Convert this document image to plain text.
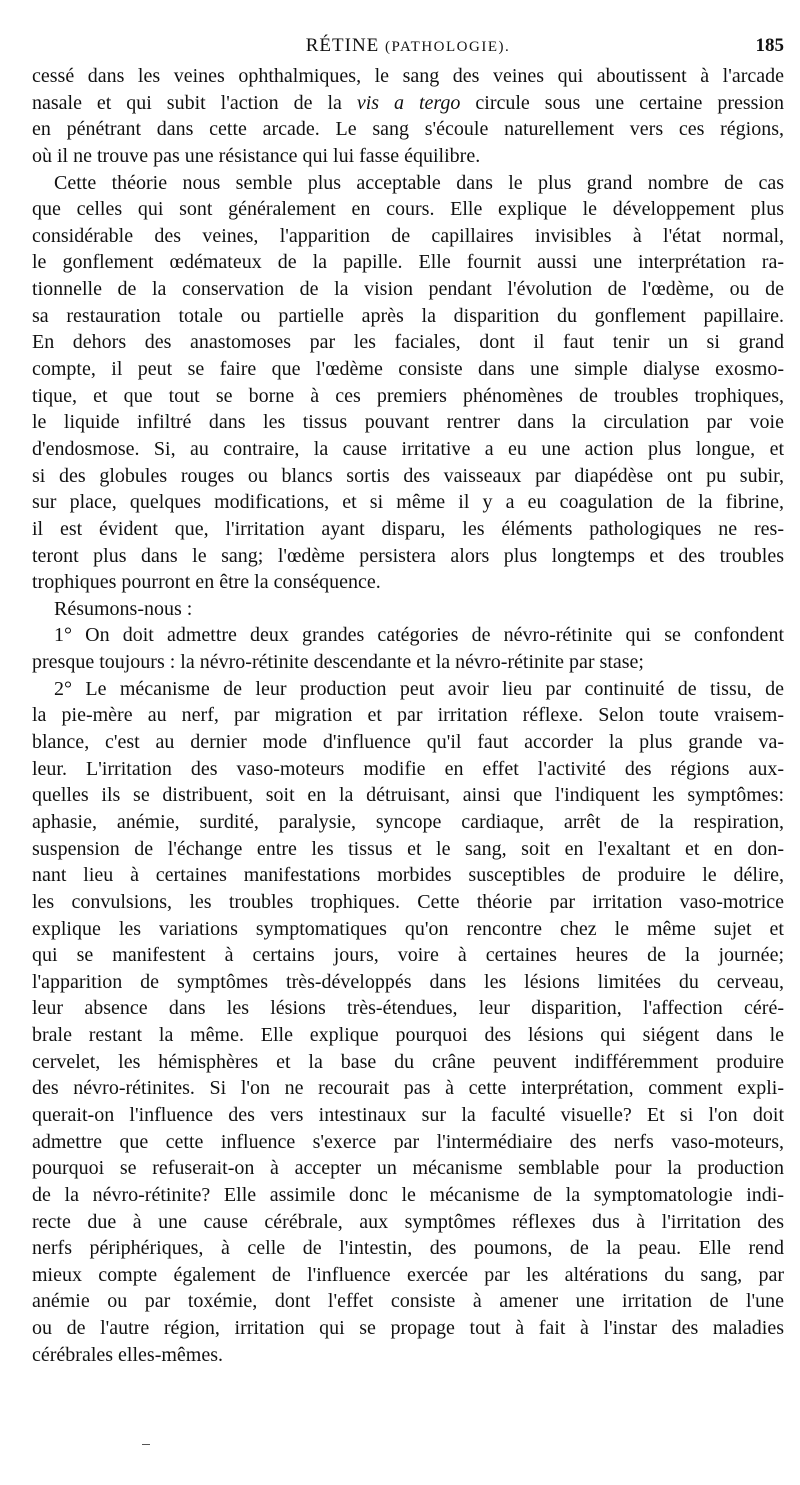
RÉTINE (PATHOLOGIE).	185
cessé dans les veines ophthalmiques, le sang des veines qui aboutissent à l'arcade
nasale et qui subit l'action de la vis a tergo circule sous une certaine pression
en pénétrant dans cette arcade. Le sang s'écoule naturellement vers ces régions,
où il ne trouve pas une résistance qui lui fasse équilibre.
Cette théorie nous semble plus acceptable dans le plus grand nombre de cas
que celles qui sont généralement en cours. Elle explique le développement plus
considérable des veines, l'apparition de capillaires invisibles à l'état normal,
le gonflement œdémateux de la papille. Elle fournit aussi une interprétation ra-
tionnelle de la conservation de la vision pendant l'évolution de l'œdème, ou de
sa restauration totale ou partielle après la disparition du gonflement papillaire.
En dehors des anastomoses par les faciales, dont il faut tenir un si grand
compte, il peut se faire que l'œdème consiste dans une simple dialyse exosmo-
tique, et que tout se borne à ces premiers phénomènes de troubles trophiques,
le liquide infiltré dans les tissus pouvant rentrer dans la circulation par voie
d'endosmose. Si, au contraire, la cause irritative a eu une action plus longue, et
si des globules rouges ou blancs sortis des vaisseaux par diapédèse ont pu subir,
sur place, quelques modifications, et si même il y a eu coagulation de la fibrine,
il est évident que, l'irritation ayant disparu, les éléments pathologiques ne res-
teront plus dans le sang; l'œdème persistera alors plus longtemps et des troubles
trophiques pourront en être la conséquence.
Résumons-nous :
1° On doit admettre deux grandes catégories de névro-rétinite qui se confondent
presque toujours : la névro-rétinite descendante et la névro-rétinite par stase;
2° Le mécanisme de leur production peut avoir lieu par continuité de tissu, de
la pie-mère au nerf, par migration et par irritation réflexe. Selon toute vraisem-
blance, c'est au dernier mode d'influence qu'il faut accorder la plus grande va-
leur. L'irritation des vaso-moteurs modifie en effet l'activité des régions aux-
quelles ils se distribuent, soit en la détruisant, ainsi que l'indiquent les symptômes:
aphasie, anémie, surdité, paralysie, syncope cardiaque, arrêt de la respiration,
suspension de l'échange entre les tissus et le sang, soit en l'exaltant et en don-
nant lieu à certaines manifestations morbides susceptibles de produire le délire,
les convulsions, les troubles trophiques. Cette théorie par irritation vaso-motrice
explique les variations symptomatiques qu'on rencontre chez le même sujet et
qui se manifestent à certains jours, voire à certaines heures de la journée;
l'apparition de symptômes très-développés dans les lésions limitées du cerveau,
leur absence dans les lésions très-étendues, leur disparition, l'affection céré-
brale restant la même. Elle explique pourquoi des lésions qui siégent dans le
cervelet, les hémisphères et la base du crâne peuvent indifféremment produire
des névro-rétinites. Si l'on ne recourait pas à cette interprétation, comment expli-
querait-on l'influence des vers intestinaux sur la faculté visuelle? Et si l'on doit
admettre que cette influence s'exerce par l'intermédiaire des nerfs vaso-moteurs,
pourquoi se refuserait-on à accepter un mécanisme semblable pour la production
de la névro-rétinite? Elle assimile donc le mécanisme de la symptomatologie indi-
recte due à une cause cérébrale, aux symptômes réflexes dus à l'irritation des
nerfs périphériques, à celle de l'intestin, des poumons, de la peau. Elle rend
mieux compte également de l'influence exercée par les altérations du sang, par
anémie ou par toxémie, dont l'effet consiste à amener une irritation de l'une
ou de l'autre région, irritation qui se propage tout à fait à l'instar des maladies
cérébrales elles-mêmes.
